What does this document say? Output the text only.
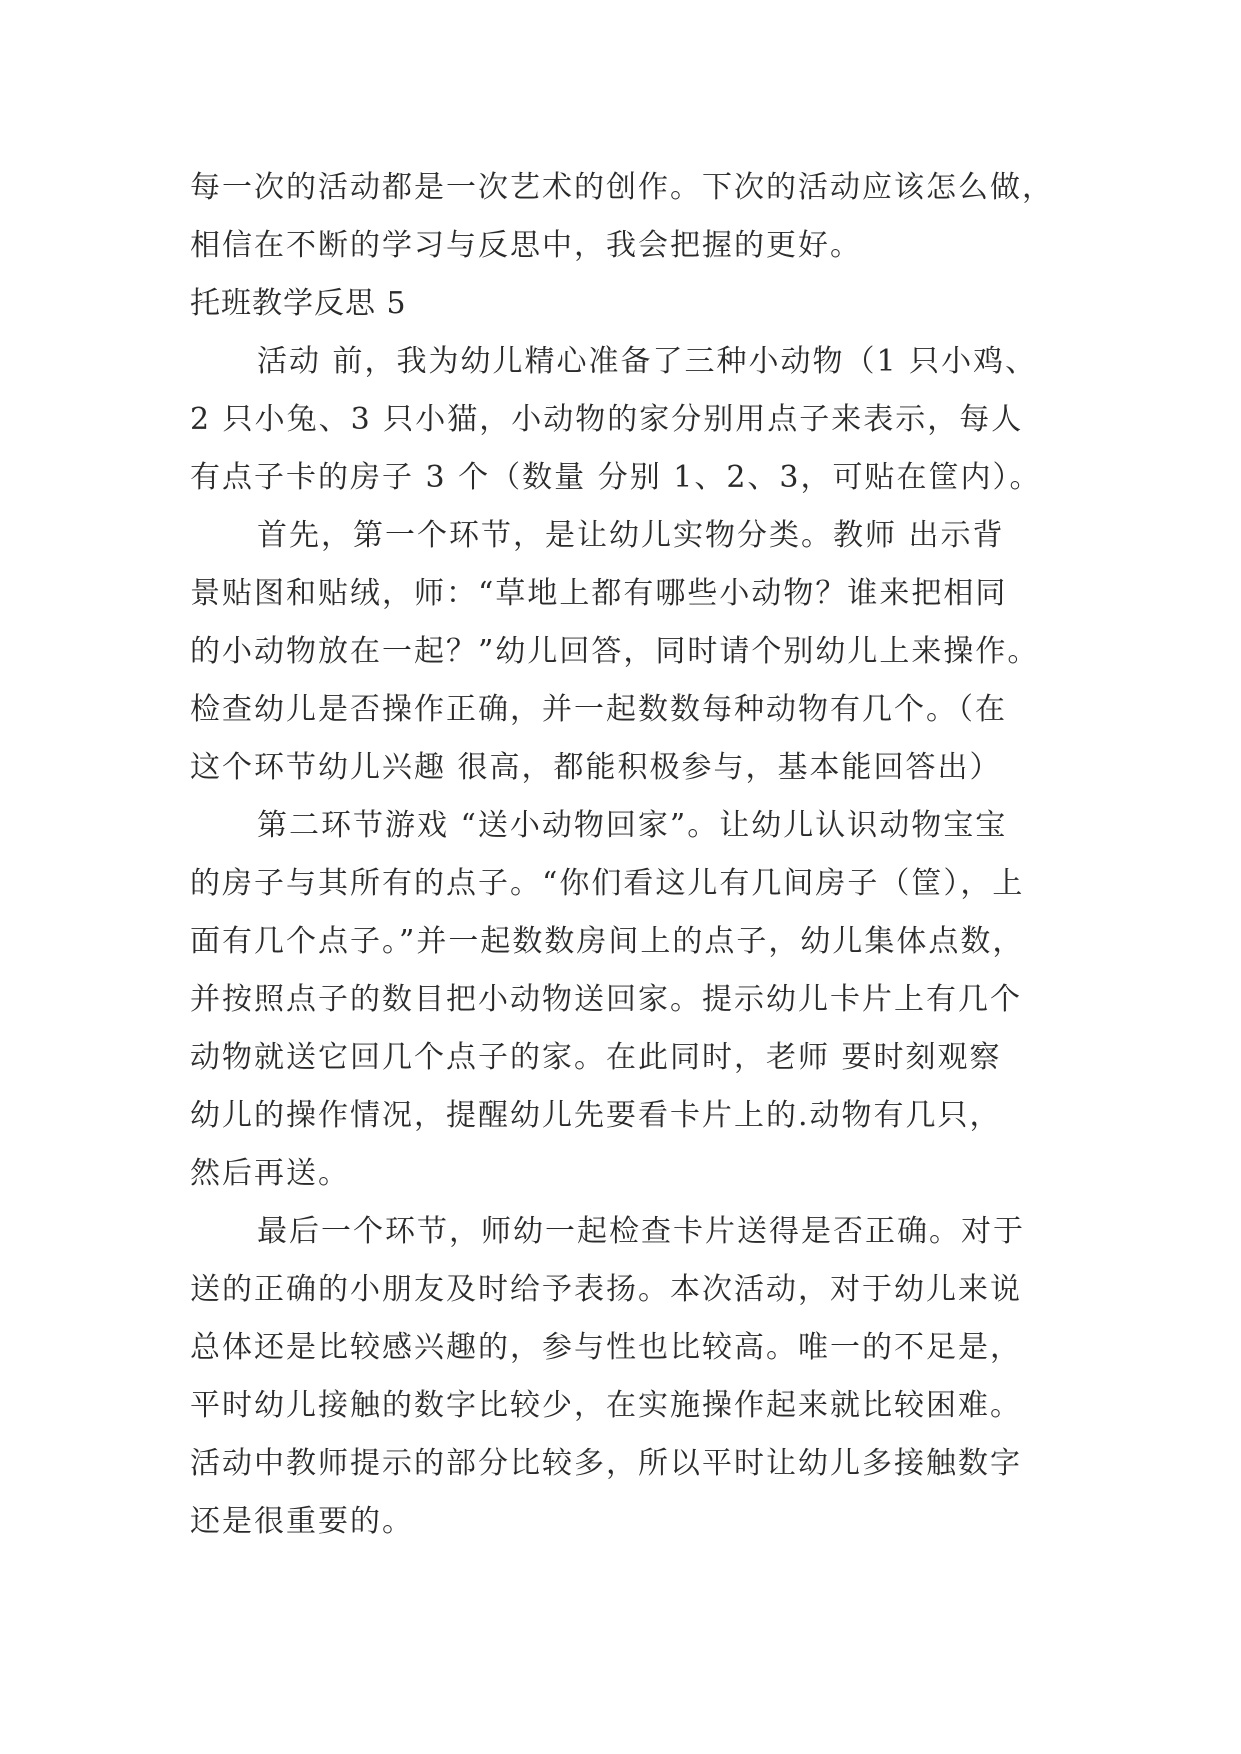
每一次的活动都是一次艺术的创作。下次的活动应该怎么做，

相信在不断的学习与反思中，我会把握的更好。

托班教学反思 5

活动 前，我为幼儿精心准备了三种小动物（1 只小鸡、

2 只小兔、3 只小猫，小动物的家分别用点子来表示，每人

有点子卡的房子 3 个（数量 分别 1、2、3，可贴在筐内）。

首先，第一个环节，是让幼儿实物分类。教师 出示背

景贴图和贴绒，师：“草地上都有哪些小动物？谁来把相同

的小动物放在一起？”幼儿回答，同时请个别幼儿上来操作。

检查幼儿是否操作正确，并一起数数每种动物有几个。（在

这个环节幼儿兴趣 很高，都能积极参与，基本能回答出）

第二环节游戏 “送小动物回家”。让幼儿认识动物宝宝

的房子与其所有的点子。“你们看这儿有几间房子（筐），上

面有几个点子。”并一起数数房间上的点子，幼儿集体点数，

并按照点子的数目把小动物送回家。提示幼儿卡片上有几个

动物就送它回几个点子的家。在此同时，老师 要时刻观察

幼儿的操作情况，提醒幼儿先要看卡片上的.动物有几只，

然后再送。

最后一个环节，师幼一起检查卡片送得是否正确。对于

送的正确的小朋友及时给予表扬。本次活动，对于幼儿来说

总体还是比较感兴趣的，参与性也比较高。唯一的不足是，

平时幼儿接触的数字比较少，在实施操作起来就比较困难。

活动中教师提示的部分比较多，所以平时让幼儿多接触数字

还是很重要的。
